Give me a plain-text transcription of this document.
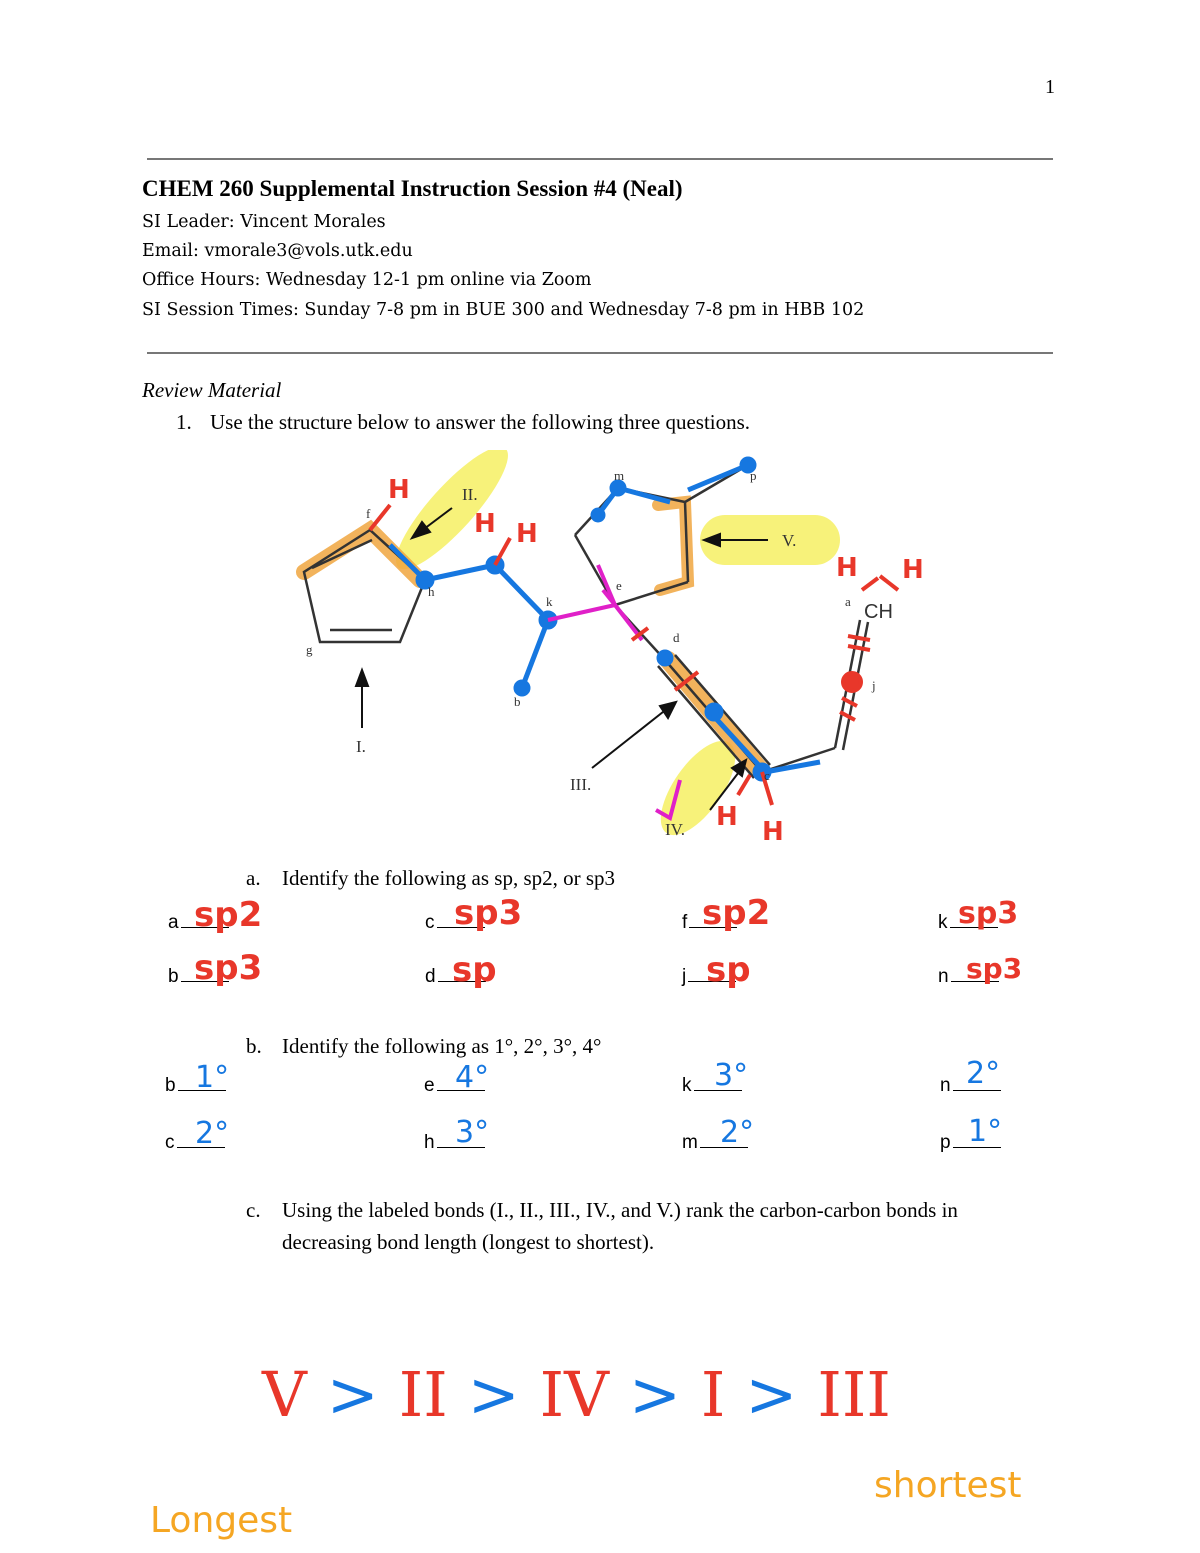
1
CHEM 260 Supplemental Instruction Session #4 (Neal)
SI Leader: Vincent Morales
Email: vmorale3@vols.utk.edu
Office Hours: Wednesday 12-1 pm online via Zoom
SI Session Times: Sunday 7-8 pm in BUE 300 and Wednesday 7-8 pm in HBB 102
Review Material
1. Use the structure below to answer the following three questions.
f
h
g
k
b
e
m	p
d
a
j
c
I.
II.
III.
IV.
V.
CH
H
H H
H H
H H
a. Identify the following as sp, sp2, or sp3
a sp2
b sp3
c sp3
d sp
f sp2
j sp
k sp3
n sp3
b. Identify the following as 1°, 2°, 3°, 4°
b 1°
c 2°
e 4°
h 3°
k 3°
m 2°
n 2°
p 1°
c. Using the labeled bonds (I., II., III., IV., and V.) rank the carbon-carbon bonds in
decreasing bond length (longest to shortest).
V > II > IV > I > III
Longest
shortest
